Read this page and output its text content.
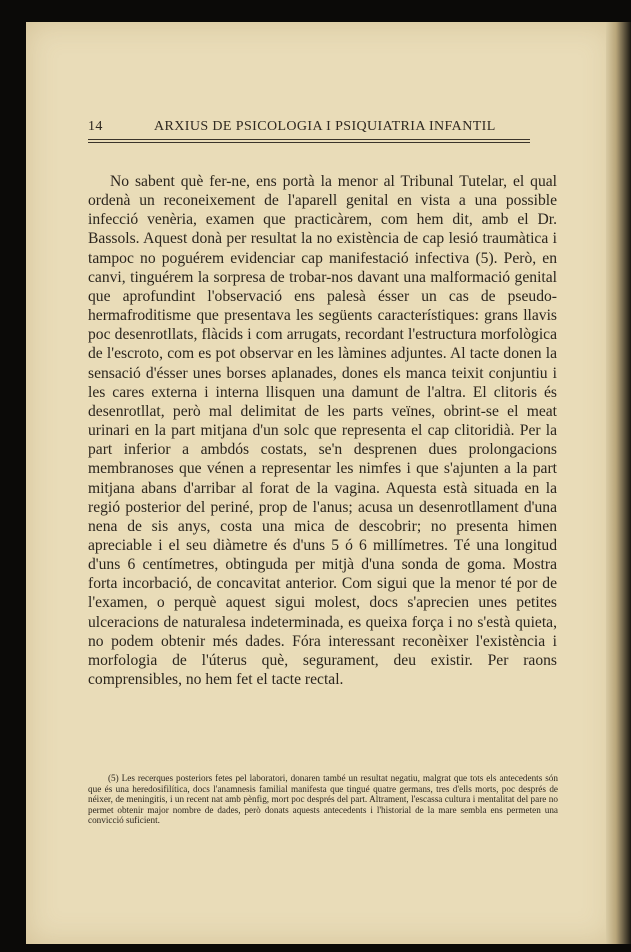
14	ARXIUS DE PSICOLOGIA I PSIQUIATRIA INFANTIL

No sabent què fer-ne, ens portà la menor al Tribunal Tutelar, el qual ordenà un reconeixement de l'aparell genital en vista a una possible infecció venèria, examen que practicàrem, com hem dit, amb el Dr. Bassols. Aquest donà per resultat la no existència de cap lesió traumàtica i tampoc no poguérem evidenciar cap manifestació infectiva (5). Però, en canvi, tinguérem la sorpresa de trobar-nos davant una malformació genital que aprofundint l'observació ens palesà ésser un cas de pseudo-hermafroditisme que presentava les següents característiques: grans llavis poc desenrotllats, flàcids i com arrugats, recordant l'estructura morfològica de l'escroto, com es pot observar en les làmines adjuntes. Al tacte donen la sensació d'ésser unes borses aplanades, dones els manca teixit conjuntiu i les cares externa i interna llisquen una damunt de l'altra. El clitoris és desenrotllat, però mal delimitat de les parts veïnes, obrint-se el meat urinari en la part mitjana d'un solc que representa el cap clitoridià. Per la part inferior a ambdós costats, se'n desprenen dues prolongacions membranoses que vénen a representar les nimfes i que s'ajunten a la part mitjana abans d'arribar al forat de la vagina. Aquesta està situada en la regió posterior del periné, prop de l'anus; acusa un desenrotllament d'una nena de sis anys, costa una mica de descobrir; no presenta himen apreciable i el seu diàmetre és d'uns 5 ó 6 millímetres. Té una longitud d'uns 6 centímetres, obtinguda per mitjà d'una sonda de goma. Mostra forta incorbació, de concavitat anterior. Com sigui que la menor té por de l'examen, o perquè aquest sigui molest, docs s'aprecien unes petites ulceracions de naturalesa indeterminada, es queixa força i no s'està quieta, no podem obtenir més dades. Fóra interessant reconèixer l'existència i morfologia de l'úterus què, segurament, deu existir. Per raons comprensibles, no hem fet el tacte rectal.

(5) Les recerques posteriors fetes pel laboratori, donaren també un resultat negatiu, malgrat que tots els antecedents són que és una heredosifilítica, docs l'anamnesis familial manifesta que tingué quatre germans, tres d'ells morts, poc després de néixer, de meningitis, i un recent nat amb pènfig, mort poc després del part. Altrament, l'escassa cultura i mentalitat del pare no permet obtenir major nombre de dades, però donats aquests antecedents i l'historial de la mare sembla ens permeten una convicció suficient.
